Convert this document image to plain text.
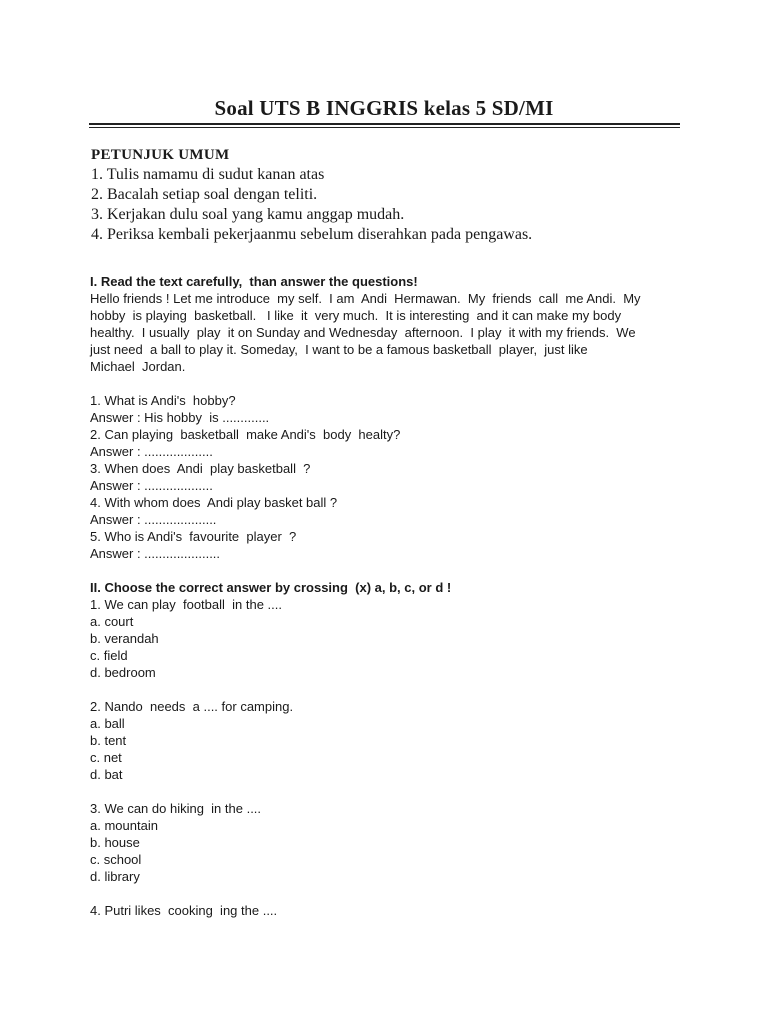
Soal UTS B INGGRIS kelas 5 SD/MI
PETUNJUK UMUM
1. Tulis namamu di sudut kanan atas
2. Bacalah setiap soal dengan teliti.
3. Kerjakan dulu soal yang kamu anggap mudah.
4. Periksa kembali pekerjaanmu sebelum diserahkan pada pengawas.
I. Read the text carefully,  than answer the questions!
Hello friends ! Let me introduce  my self.  I am  Andi  Hermawan.  My  friends  call  me Andi.  My
hobby  is playing  basketball.   I like  it  very much.  It is interesting  and it can make my body
healthy.  I usually  play  it on Sunday and Wednesday  afternoon.  I play  it with my friends.  We
just need  a ball to play it. Someday,  I want to be a famous basketball  player,  just like
Michael  Jordan.
1. What is Andi's  hobby?
Answer : His hobby  is .............
2. Can playing  basketball  make Andi's  body  healty?
Answer : ...................
3. When does  Andi  play basketball  ?
Answer : ...................
4. With whom does  Andi play basket ball ?
Answer : ....................
5. Who is Andi's  favourite  player  ?
Answer : .....................
II. Choose the correct answer by crossing  (x) a, b, c, or d !
1. We can play  football  in the ....
a. court
b. verandah
c. field
d. bedroom
2. Nando  needs  a .... for camping.
a. ball
b. tent
c. net
d. bat
3. We can do hiking  in the ....
a. mountain
b. house
c. school
d. library
4. Putri likes  cooking  ing the ....
